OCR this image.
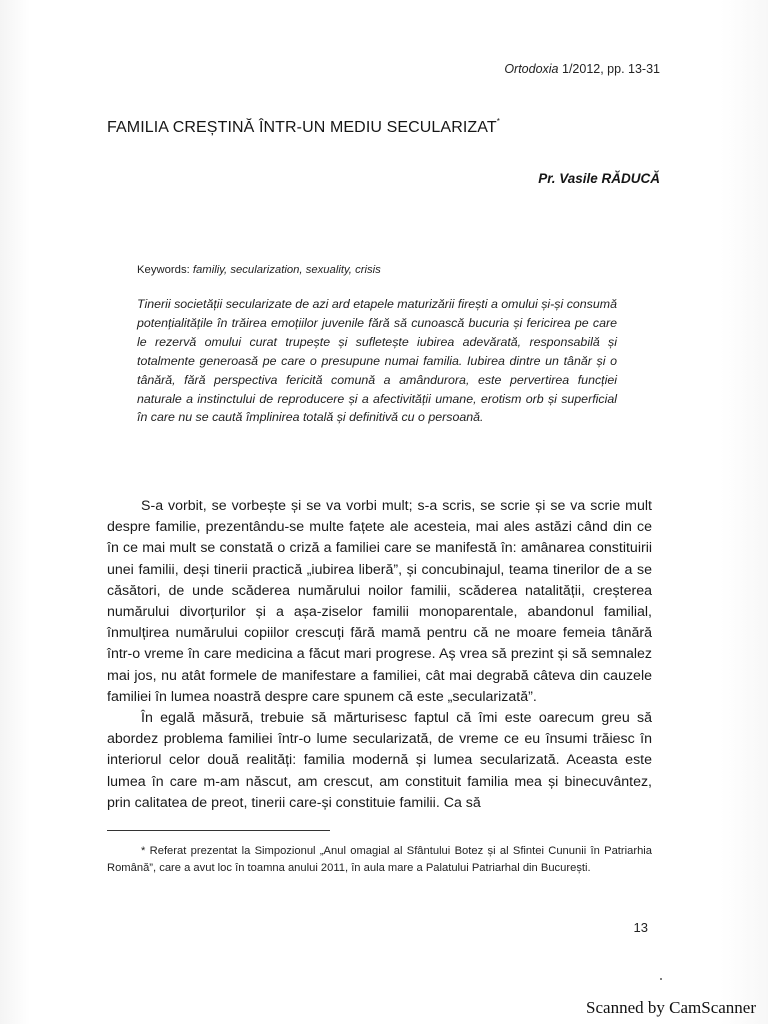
Ortodoxia 1/2012, pp. 13-31
FAMILIA CREȘTINĂ ÎNTR-UN MEDIU SECULARIZAT*
Pr. Vasile RĂDUCĂ
Keywords: familiy, secularization, sexuality, crisis

Tinerii societății secularizate de azi ard etapele maturizării firești a omului și-și consumă potențialitățile în trăirea emoțiilor juvenile fără să cunoască bucuria și fericirea pe care le rezervă omului curat trupește și sufletește iubirea adevărată, responsabilă și totalmente generoasă pe care o presupune numai familia. Iubirea dintre un tânăr și o tânără, fără perspectiva fericită comună a amândurora, este pervertirea funcției naturale a instinctului de reproducere și a afectivității umane, erotism orb și superficial în care nu se caută împlinirea totală și definitivă cu o persoană.

S-a vorbit, se vorbește și se va vorbi mult; s-a scris, se scrie și se va scrie mult despre familie, prezentându-se multe fațete ale acesteia, mai ales astăzi când din ce în ce mai mult se constată o criză a familiei care se manifestă în: amânarea constituirii unei familii, deși tinerii practică „iubirea liberă”, și concubinajul, teama tinerilor de a se căsători, de unde scăderea numărului noilor familii, scăderea natalității, creșterea numărului divorțurilor și a așa-ziselor familii monoparentale, abandonul familial, înmulțirea numărului copiilor crescuți fără mamă pentru că ne moare femeia tânără într-o vreme în care medicina a făcut mari progrese. Aș vrea să prezint și să semnalez mai jos, nu atât formele de manifestare a familiei, cât mai degrabă câteva din cauzele familiei în lumea noastră despre care spunem că este „secularizată”.

În egală măsură, trebuie să mărturisesc faptul că îmi este oarecum greu să abordez problema familiei într-o lume secularizată, de vreme ce eu însumi trăiesc în interiorul celor două realități: familia modernă și lumea secularizată. Aceasta este lumea în care m-am născut, am crescut, am constituit familia mea și binecuvântez, prin calitatea de preot, tinerii care-și constituie familii. Ca să

* Referat prezentat la Simpozionul „Anul omagial al Sfântului Botez și al Sfintei Cununii în Patriarhia Română”, care a avut loc în toamna anului 2011, în aula mare a Palatului Patriarhal din București.

13
Scanned by CamScanner
